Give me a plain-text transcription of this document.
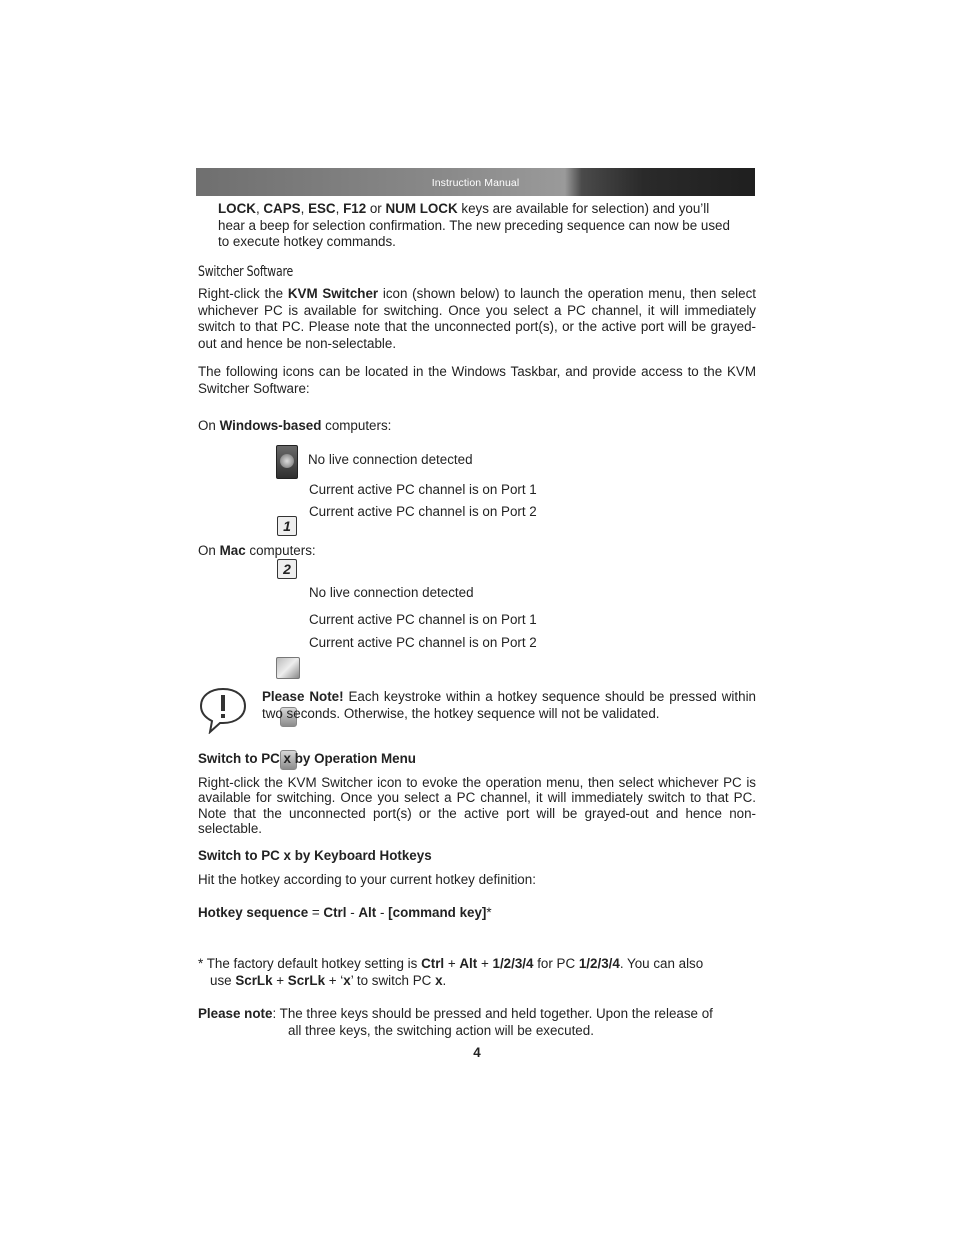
Instruction Manual
LOCK, CAPS, ESC, F12 or NUM LOCK keys are available for selection) and you’ll
hear a beep for selection confirmation. The new preceding sequence can now be used
to execute hotkey commands.
Switcher Software
Right-click the KVM Switcher icon (shown below) to launch the operation menu, then select whichever PC is available for switching. Once you select a PC channel, it will immediately switch to that PC. Please note that the unconnected port(s), or the active port will be grayed-out and hence be non-selectable.
The following icons can be located in the Windows Taskbar, and provide access to the KVM Switcher Software:
On Windows-based computers:
No live connection detected
1
Current active PC channel is on Port 1
2
Current active PC channel is on Port 2
On Mac computers:
No live connection detected
Current active PC channel is on Port 1
Current active PC channel is on Port 2
Please Note! Each keystroke within a hotkey sequence should be pressed within two seconds. Otherwise, the hotkey sequence will not be validated.
Switch to PC x by Operation Menu
Right-click the KVM Switcher icon to evoke the operation menu, then select whichever PC is available for switching. Once you select a PC channel, it will immediately switch to that PC. Note that the unconnected port(s) or the active port will be grayed-out and hence non-selectable.
Switch to PC x by Keyboard Hotkeys
Hit the hotkey according to your current hotkey definition:
Hotkey sequence = Ctrl - Alt - [command key]*
* The factory default hotkey setting is Ctrl + Alt + 1/2/3/4 for PC 1/2/3/4. You can also
use ScrLk + ScrLk + ‘x’ to switch PC x.
Please note: The three keys should be pressed and held together. Upon the release of
all three keys, the switching action will be executed.
4
